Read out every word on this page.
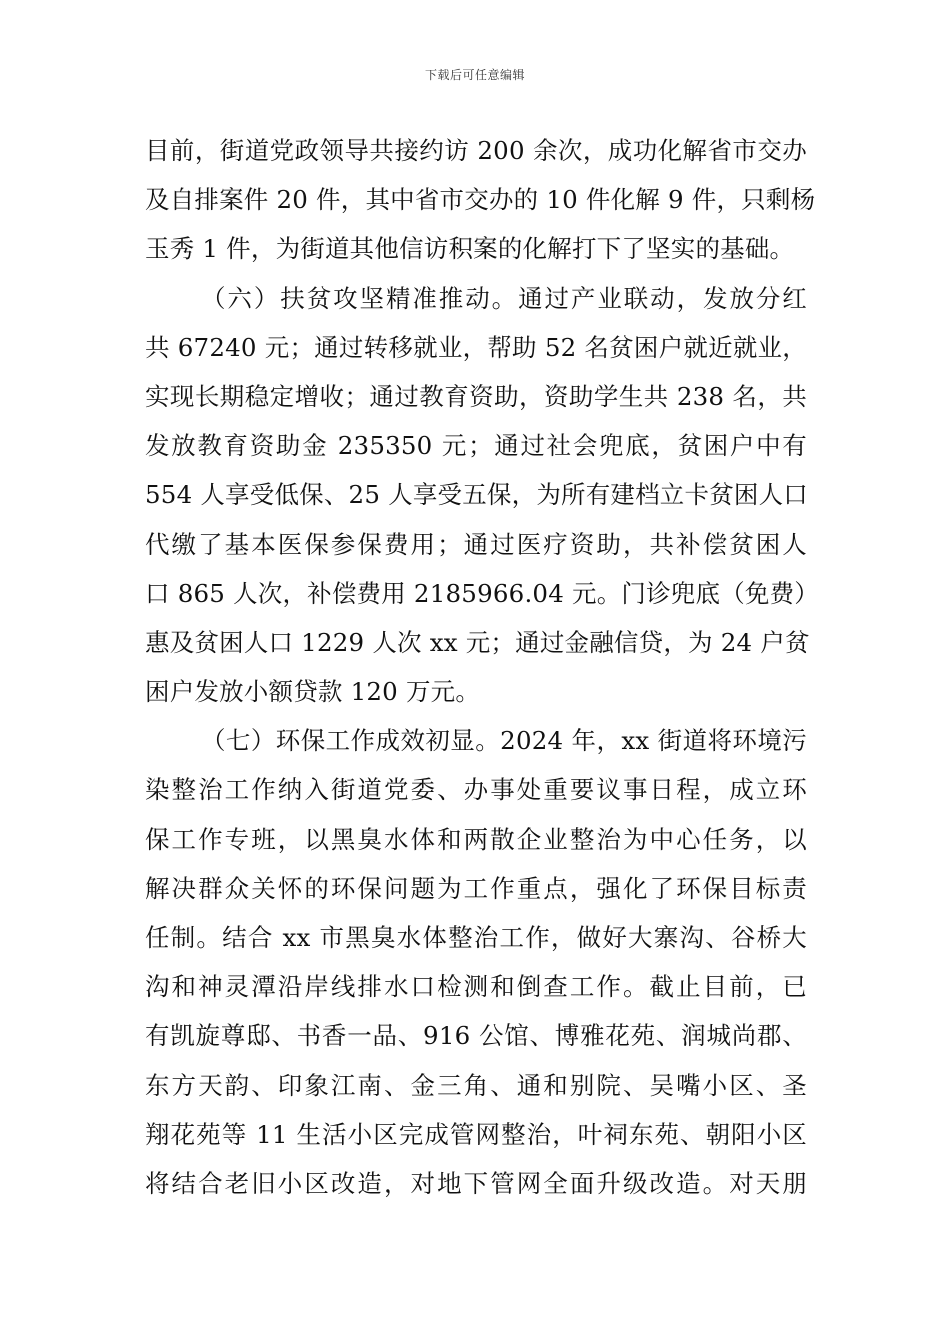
下载后可任意编辑
目前，街道党政领导共接约访 200 余次，成功化解省市交办
及自排案件 20 件，其中省市交办的 10 件化解 9 件，只剩杨
玉秀 1 件，为街道其他信访积案的化解打下了坚实的基础。
（六）扶贫攻坚精准推动。通过产业联动，发放分红
共 67240 元；通过转移就业，帮助 52 名贫困户就近就业，
实现长期稳定增收；通过教育资助，资助学生共 238 名，共
发放教育资助金 235350 元；通过社会兜底，贫困户中有
554 人享受低保、25 人享受五保，为所有建档立卡贫困人口
代缴了基本医保参保费用；通过医疗资助，共补偿贫困人
口 865 人次，补偿费用 2185966.04 元。门诊兜底（免费）
惠及贫困人口 1229 人次 xx 元；通过金融信贷，为 24 户贫
困户发放小额贷款 120 万元。
（七）环保工作成效初显。2024 年，xx 街道将环境污
染整治工作纳入街道党委、办事处重要议事日程，成立环
保工作专班，以黑臭水体和两散企业整治为中心任务，以
解决群众关怀的环保问题为工作重点，强化了环保目标责
任制。结合 xx 市黑臭水体整治工作，做好大寨沟、谷桥大
沟和神灵潭沿岸线排水口检测和倒查工作。截止目前，已
有凯旋尊邸、书香一品、916 公馆、博雅花苑、润城尚郡、
东方天韵、印象江南、金三角、通和别院、吴嘴小区、圣
翔花苑等 11 生活小区完成管网整治，叶祠东苑、朝阳小区
将结合老旧小区改造，对地下管网全面升级改造。对天朋
